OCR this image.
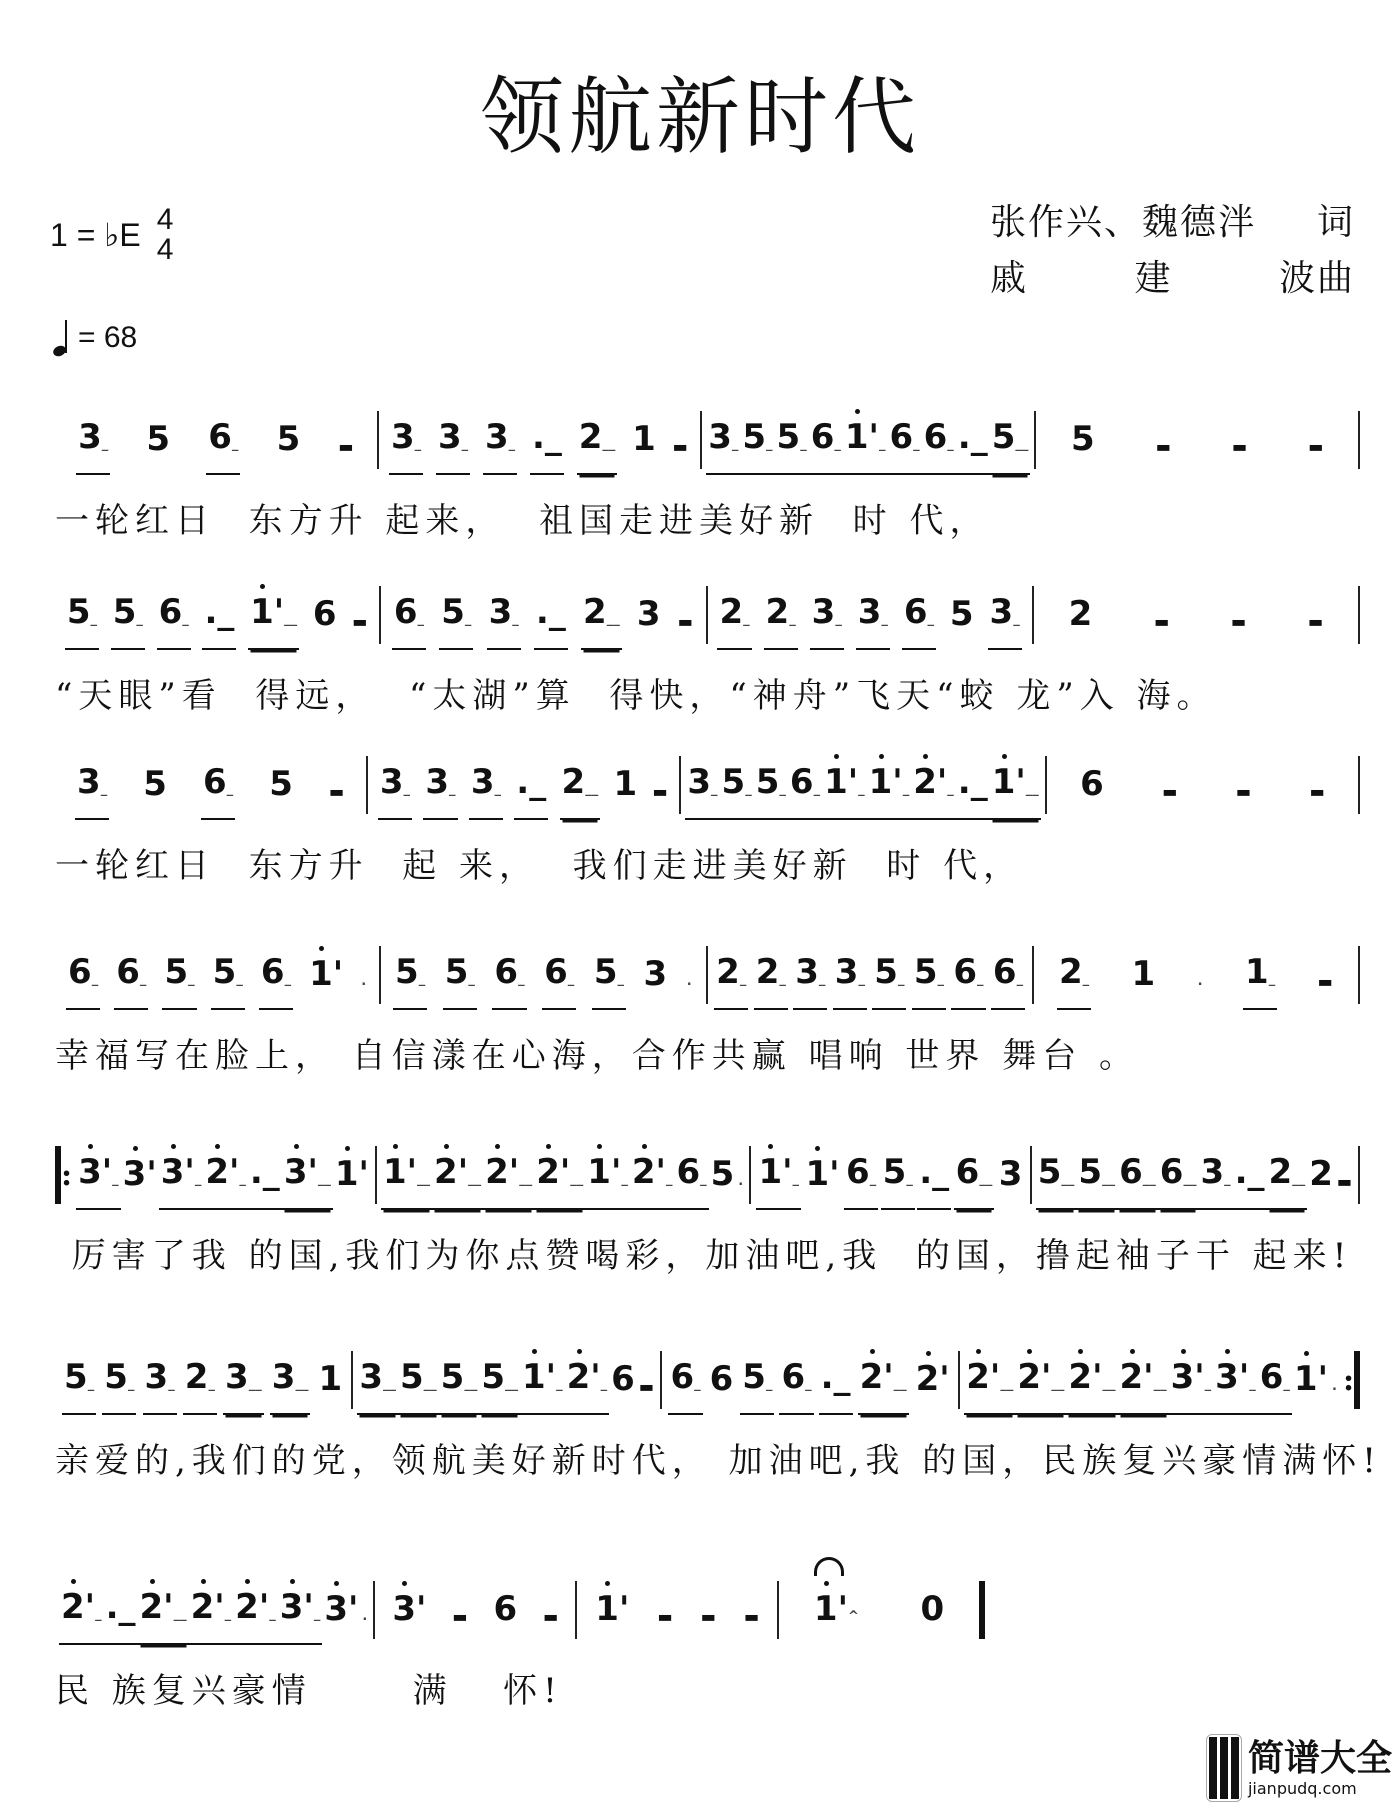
领航新时代
1 = ♭E 4
4
= 68
张作兴、魏德泮 词
戚	建	波曲
3_	5	6_	5 ▬	3_ 3_ 3_ ._ 2__ 1 ▬ 3_ 5_ 5_ 6_ 1'_ 6_ 6_ ._ 5__	5	▬	▬	▬
一轮红日  东方升 起来，  祖国走进美好新  时 代，
5_ 5_ 6_ ._ 1'__ 6 ▬ 6_ 5_ 3_ ._ 2__ 3 ▬ 2_ 2_ 3_ 3_ 6_ 5 3_	2	▬	▬	▬
“天眼”看  得远，  “太湖”算  得快，“神舟”飞天“蛟 龙”入 海。
3_	5	6_	5 ▬	3_ 3_ 3_ ._ 2__ 1 ▬ 3_ 5_ 5_ 6_ 1'_ 1'_ 2'_ ._ 1'__	6	▬	▬	▬
一轮红日  东方升  起 来，  我们走进美好新  时 代，
6_ 6_ 5_ 5_ 6_ 1' . 5_ 5_ 6_ 6_ 5_ 3 . 2_ 2_ 3_ 3_ 5_ 5_ 6_ 6_	2_	1	.	1_	▬
幸福写在脸上， 自信漾在心海，合作共赢 唱响 世界 舞台 。
: 3'_ 3' 3'_ 2'_ ._ 3'__ 1' 1'__ 2'__ 2'__ 2'__ 1'_ 2'_ 6_ 5 . 1'_ 1' 6_ 5_ ._ 6__ 3 5__ 5__ 6__ 6__ 3_ ._ 2__ 2 ▬
厉害了我 的国,我们为你点赞喝彩，加油吧,我  的国，撸起袖子干 起来!
5_ 5_ 3_ 2_ 3__ 3__ 1 3__ 5__ 5__ 5__ 1'_ 2'_ 6 ▬ 6_ 6 5_ 6_ ._ 2'__ 2' 2'__ 2'__ 2'__ 2'__ 3'_ 3'_ 6_ 1' . :
亲爱的,我们的党，领航美好新时代， 加油吧,我 的国，民族复兴豪情满怀!
2'_ ._ 2'__ 2'_ 2'_ 3'_ 3' . 3' ▬ 6 ▬	1' ▬ ▬ ▬	1'^	0
民 族复兴豪情      满   怀!
简谱大全
jianpudq.com
